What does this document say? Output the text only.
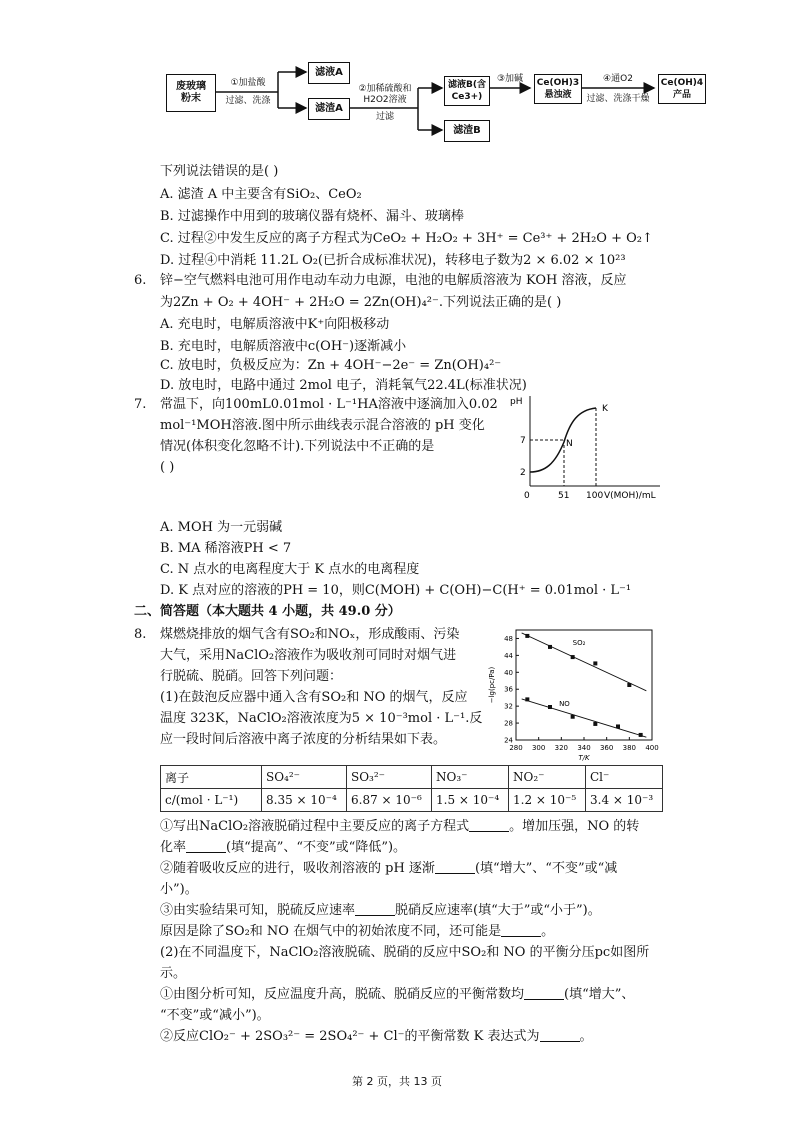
废玻璃粉末
①加盐酸
过滤、洗涤
滤液A
滤渣A
②加稀硫酸和H2O2溶液
过滤
滤液B(含Ce3+)
滤渣B
③加碱	Ce(OH)3悬浊液
④通O2
过滤、洗涤干燥
Ce(OH)4产品
下列说法错误的是( )
A. 滤渣 A 中主要含有SiO₂、CeO₂
B. 过滤操作中用到的玻璃仪器有烧杯、漏斗、玻璃棒
C. 过程②中发生反应的离子方程式为CeO₂ + H₂O₂ + 3H⁺ = Ce³⁺ + 2H₂O + O₂↑
D. 过程④中消耗 11.2L O₂(已折合成标准状况)，转移电子数为2 × 6.02 × 10²³
6. 锌−空气燃料电池可用作电动车动力电源，电池的电解质溶液为 KOH 溶液，反应
为2Zn + O₂ + 4OH⁻ + 2H₂O = 2Zn(OH)₄²⁻.下列说法正确的是( )
A. 充电时，电解质溶液中K⁺向阳极移动
B. 充电时，电解质溶液中c(OH⁻)逐渐减小
C. 放电时，负极反应为：Zn + 4OH⁻−2e⁻ = Zn(OH)₄²⁻
D. 放电时，电路中通过 2mol 电子，消耗氧气22.4L(标准状况)
7. 常温下，向100mL0.01mol · L⁻¹HA溶液中逐滴加入0.02
mol⁻¹MOH溶液.图中所示曲线表示混合溶液的 pH 变化
情况(体积变化忽略不计).下列说法中不正确的是
( )
pH
7
2
0	51 100 V(MOH)/mL
N
K
A. MOH 为一元弱碱
B. MA 稀溶液PH < 7
C. N 点水的电离程度大于 K 点水的电离程度
D. K 点对应的溶液的PH = 10，则C(MOH) + C(OH)−C(H⁺ = 0.01mol · L⁻¹
二、简答题（本大题共 4 小题，共 49.0 分）
8. 煤燃烧排放的烟气含有SO₂和NOₓ，形成酸雨、污染
大气，采用NaClO₂溶液作为吸收剂可同时对烟气进
行脱硫、脱硝。回答下列问题：
(1)在鼓泡反应器中通入含有SO₂和 NO 的烟气，反应
温度 323K，NaClO₂溶液浓度为5 × 10⁻³mol · L⁻¹.反
应一段时间后溶液中离子浓度的分析结果如下表。
280 300 320 340 360 380 400
24
28
32
36
40
44
48
T/K
−lg(pc/Pa)
SO₂
NO
离子	SO₄²⁻	SO₃²⁻	NO₃⁻	NO₂⁻	Cl⁻
c/(mol · L⁻¹)	8.35 × 10⁻⁴	6.87 × 10⁻⁶	1.5 × 10⁻⁴	1.2 × 10⁻⁵	3.4 × 10⁻³
①写出NaClO₂溶液脱硝过程中主要反应的离子方程式	。增加压强，NO 的转
化率	(填“提高”、“不变”或“降低”)。
②随着吸收反应的进行，吸收剂溶液的 pH 逐渐	(填“增大”、“不变”或“减
小”)。
③由实验结果可知，脱硫反应速率	脱硝反应速率(填“大于”或“小于”)。
原因是除了SO₂和 NO 在烟气中的初始浓度不同，还可能是	。
(2)在不同温度下，NaClO₂溶液脱硫、脱硝的反应中SO₂和 NO 的平衡分压pc如图所
示。
①由图分析可知，反应温度升高，脱硫、脱硝反应的平衡常数均	(填“增大”、
“不变”或“减小”)。
②反应ClO₂⁻ + 2SO₃²⁻ = 2SO₄²⁻ + Cl⁻的平衡常数 K 表达式为	。
第 2 页，共 13 页
